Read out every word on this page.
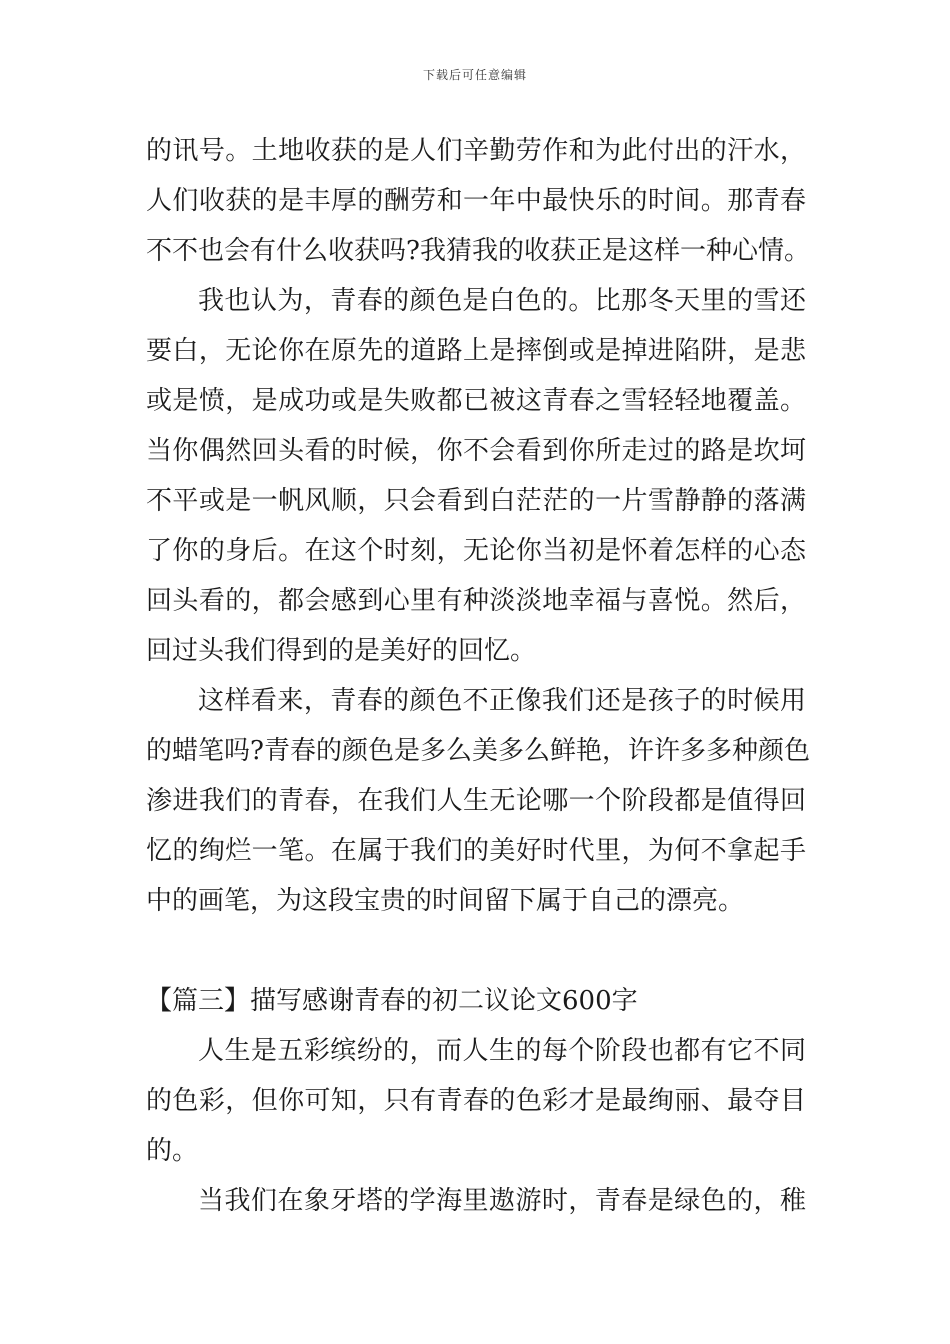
下载后可任意编辑
的讯号。土地收获的是人们辛勤劳作和为此付出的汗水，
人们收获的是丰厚的酬劳和一年中最快乐的时间。那青春
不不也会有什么收获吗?我猜我的收获正是这样一种心情。
我也认为，青春的颜色是白色的。比那冬天里的雪还
要白，无论你在原先的道路上是摔倒或是掉进陷阱，是悲
或是愤，是成功或是失败都已被这青春之雪轻轻地覆盖。
当你偶然回头看的时候，你不会看到你所走过的路是坎坷
不平或是一帆风顺，只会看到白茫茫的一片雪静静的落满
了你的身后。在这个时刻，无论你当初是怀着怎样的心态
回头看的，都会感到心里有种淡淡地幸福与喜悦。然后，
回过头我们得到的是美好的回忆。
这样看来，青春的颜色不正像我们还是孩子的时候用
的蜡笔吗?青春的颜色是多么美多么鲜艳，许许多多种颜色
渗进我们的青春，在我们人生无论哪一个阶段都是值得回
忆的绚烂一笔。在属于我们的美好时代里，为何不拿起手
中的画笔，为这段宝贵的时间留下属于自己的漂亮。
【篇三】描写感谢青春的初二议论文600字
人生是五彩缤纷的，而人生的每个阶段也都有它不同
的色彩，但你可知，只有青春的色彩才是最绚丽、最夺目
的。
当我们在象牙塔的学海里遨游时，青春是绿色的，稚
